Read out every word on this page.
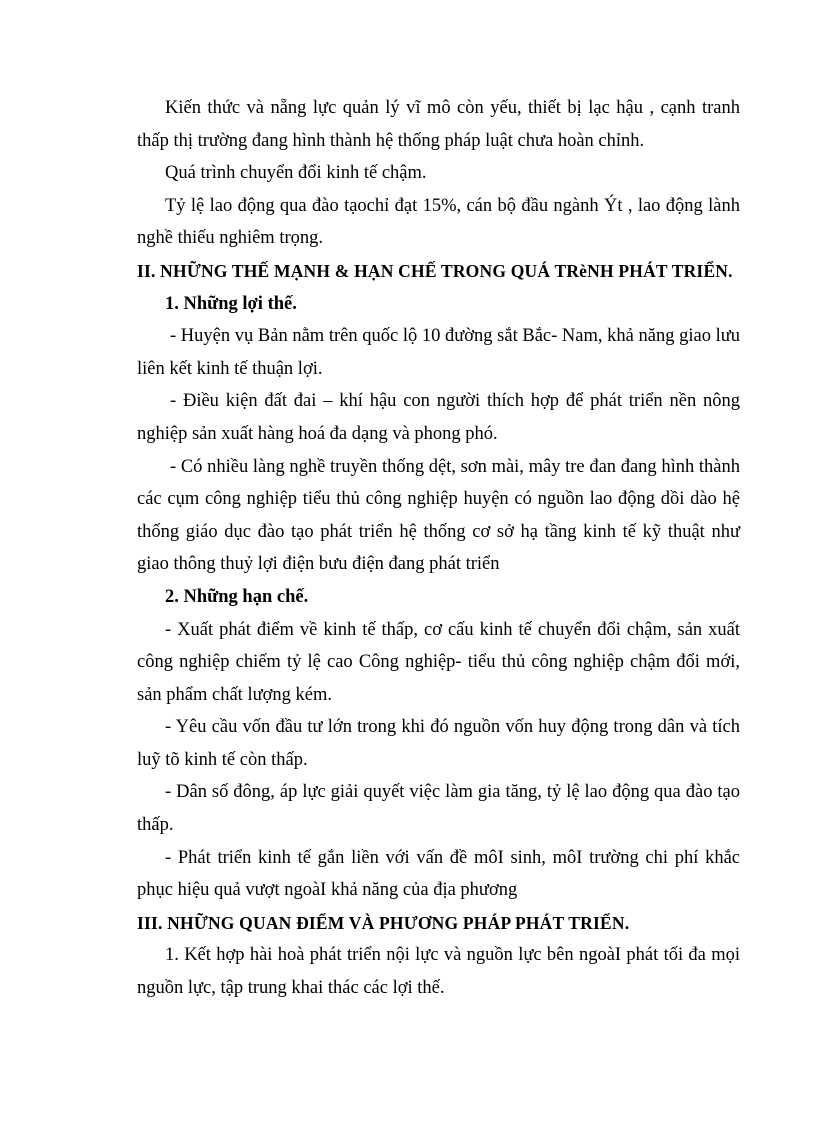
Kiến thức và nẵng lực quản lý vĩ mô còn yếu, thiết bị lạc hậu , cạnh tranh thấp thị trường đang hình thành hệ thống pháp luật chưa hoàn chỉnh.

Quá trình chuyển đổi kinh tế chậm.

Tỷ lệ lao động qua đào tạochỉ đạt 15%, cán bộ đầu ngành Ýt , lao động lành nghề thiếu nghiêm trọng.

II. NHỮNG THẾ MẠNH & HẠN CHẾ TRONG QUÁ TRèNH PHÁT TRIỂN.

1. Những lợi thế.

- Huyện vụ Bản nằm trên quốc lộ 10 đường sắt Bắc- Nam, khả năng giao lưu liên kết kinh tế thuận lợi.

- Điều kiện đất đai – khí hậu con người thích hợp để phát triển nền nông nghiệp sản xuất hàng hoá đa dạng và phong phó.

- Có nhiều làng nghề truyền thống dệt, sơn mài, mây tre đan đang hình thành các cụm công nghiệp tiểu thủ công nghiệp huyện có nguồn lao động dồi dào hệ thống giáo dục đào tạo phát triển hệ thống cơ sở hạ tầng kinh tế kỹ thuật như giao thông thuỷ lợi điện bưu điện đang phát triển

2. Những hạn chế.

- Xuất phát điểm về kinh tế thấp, cơ cấu kinh tế chuyển đổi chậm, sản xuất công nghiệp chiếm tỷ lệ cao Công nghiệp- tiểu thủ công nghiệp chậm đổi mới, sản phẩm chất lượng kém.

- Yêu cầu vốn đầu tư lớn trong khi đó nguồn vốn huy động trong dân và tích luỹ tõ kinh tế còn thấp.

- Dân số đông, áp lực giải quyết việc làm gia tăng, tỷ lệ lao động qua đào tạo thấp.

- Phát triển kinh tế gắn liền với vấn đề môI sinh, môI trường chi phí khắc phục hiệu quả vượt ngoàI khả năng của địa phương

III. NHỮNG QUAN ĐIỂM VÀ PHƯƠNG PHÁP PHÁT TRIỂN.

1. Kết hợp hài hoà phát triển nội lực và nguồn lực bên ngoàI phát tối đa mọi nguồn lực, tập trung khai thác các lợi thế.
